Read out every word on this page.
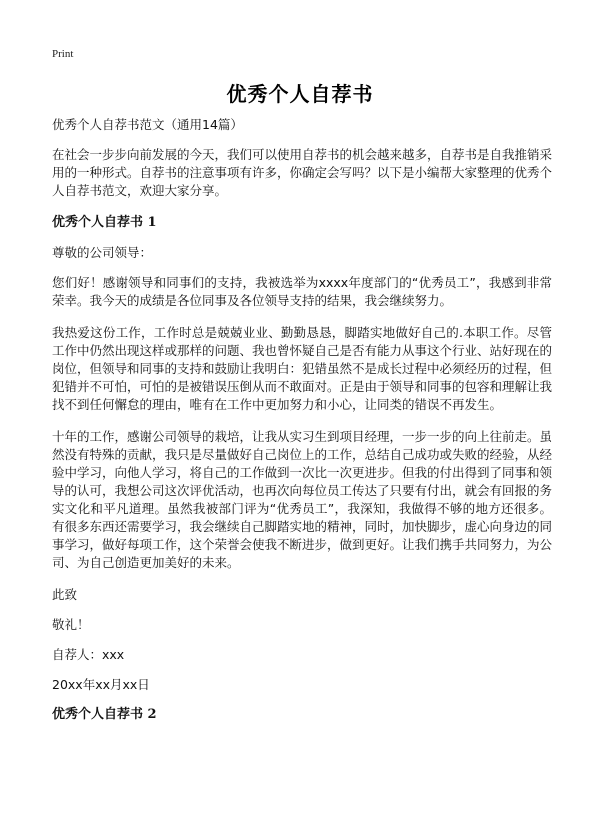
Print
优秀个人自荐书

优秀个人自荐书范文（通用14篇）

在社会一步步向前发展的今天，我们可以使用自荐书的机会越来越多，自荐书是自我推销采用的一种形式。自荐书的注意事项有许多，你确定会写吗？以下是小编帮大家整理的优秀个人自荐书范文，欢迎大家分享。

优秀个人自荐书 1

尊敬的公司领导：

您们好！感谢领导和同事们的支持，我被选举为xxxx年度部门的“优秀员工”，我感到非常荣幸。我今天的成绩是各位同事及各位领导支持的结果，我会继续努力。

我热爱这份工作，工作时总是兢兢业业、勤勤恳恳，脚踏实地做好自己的.本职工作。尽管工作中仍然出现这样或那样的问题、我也曾怀疑自己是否有能力从事这个行业、站好现在的岗位，但领导和同事的支持和鼓励让我明白：犯错虽然不是成长过程中必须经历的过程，但犯错并不可怕，可怕的是被错误压倒从而不敢面对。正是由于领导和同事的包容和理解让我找不到任何懈怠的理由，唯有在工作中更加努力和小心，让同类的错误不再发生。

十年的工作，感谢公司领导的栽培，让我从实习生到项目经理，一步一步的向上往前走。虽然没有特殊的贡献，我只是尽量做好自己岗位上的工作，总结自己成功或失败的经验，从经验中学习，向他人学习，将自己的工作做到一次比一次更进步。但我的付出得到了同事和领导的认可，我想公司这次评优活动，也再次向每位员工传达了只要有付出，就会有回报的务实文化和平凡道理。虽然我被部门评为“优秀员工”，我深知，我做得不够的地方还很多。有很多东西还需要学习，我会继续自己脚踏实地的精神，同时，加快脚步，虚心向身边的同事学习，做好每项工作，这个荣誉会使我不断进步，做到更好。让我们携手共同努力，为公司、为自己创造更加美好的未来。

此致

敬礼！

自荐人：xxx

20xx年xx月xx日

优秀个人自荐书 2
